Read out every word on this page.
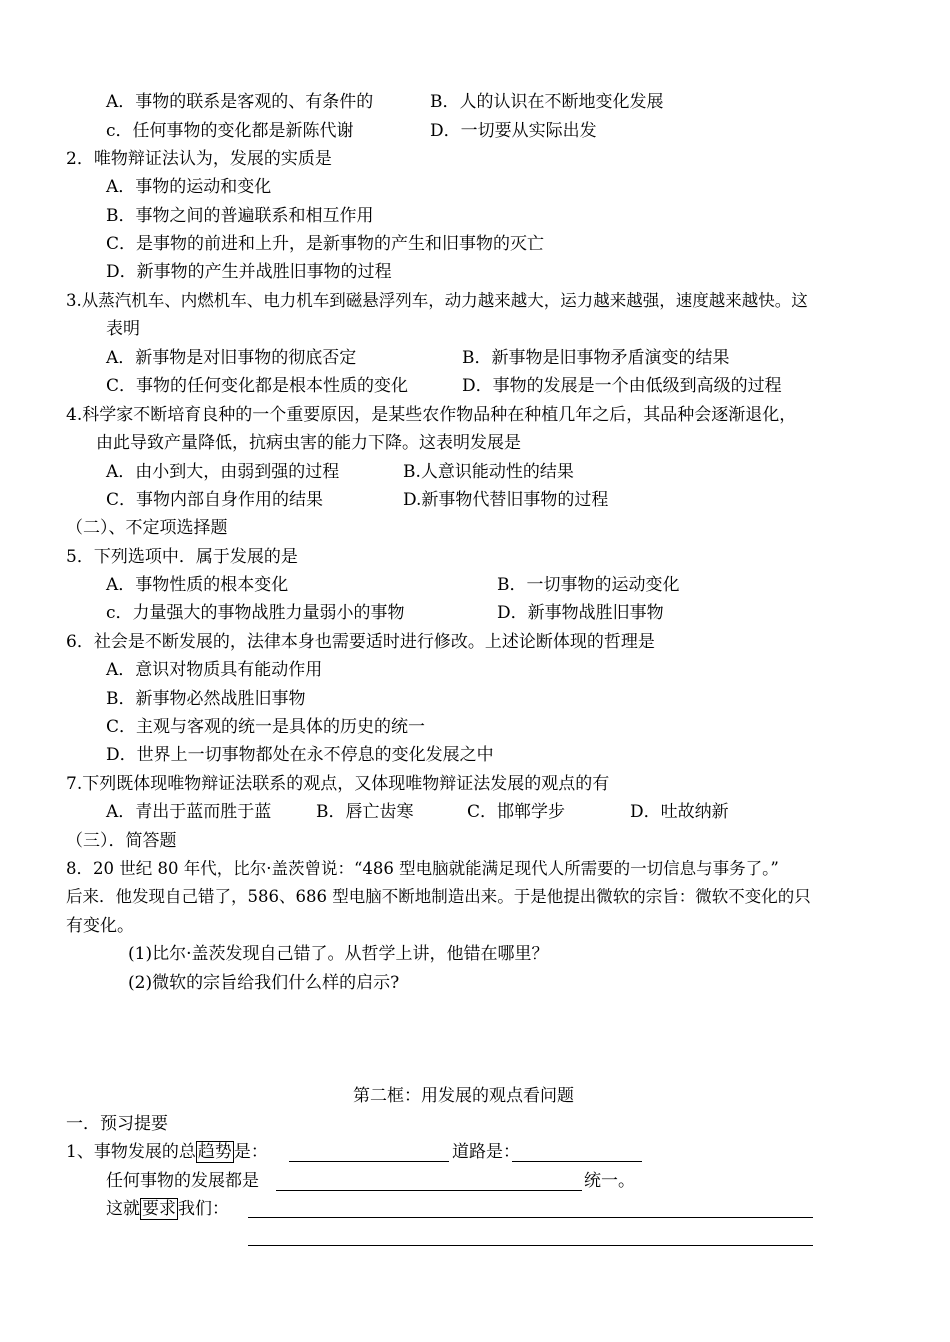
A．事物的联系是客观的、有条件的	B．人的认识在不断地变化发展
c．任何事物的变化都是新陈代谢	D．一切要从实际出发
2．唯物辩证法认为，发展的实质是
A．事物的运动和变化
B．事物之间的普遍联系和相互作用
C．是事物的前进和上升，是新事物的产生和旧事物的灭亡
D．新事物的产生并战胜旧事物的过程
3.从蒸汽机车、内燃机车、电力机车到磁悬浮列车，动力越来越大，运力越来越强，速度越来越快。这
表明
A．新事物是对旧事物的彻底否定	B．新事物是旧事物矛盾演变的结果
C．事物的任何变化都是根本性质的变化	D．事物的发展是一个由低级到高级的过程
4.科学家不断培育良种的一个重要原因，是某些农作物品种在种植几年之后，其品种会逐渐退化，
由此导致产量降低，抗病虫害的能力下降。这表明发展是
A．由小到大，由弱到强的过程	B.人意识能动性的结果
C．事物内部自身作用的结果	D.新事物代替旧事物的过程
（二）、不定项选择题
5．下列选项中．属于发展的是
A．事物性质的根本变化	B．一切事物的运动变化
c．力量强大的事物战胜力量弱小的事物	D．新事物战胜旧事物
6．社会是不断发展的，法律本身也需要适时进行修改。上述论断体现的哲理是
A．意识对物质具有能动作用
B．新事物必然战胜旧事物
C．主观与客观的统一是具体的历史的统一
D．世界上一切事物都处在永不停息的变化发展之中
7.下列既体现唯物辩证法联系的观点，又体现唯物辩证法发展的观点的有
A．青出于蓝而胜于蓝	B．唇亡齿寒	C．邯郸学步	D．吐故纳新
（三）．简答题
8．20 世纪 80 年代，比尔·盖茨曾说：“486 型电脑就能满足现代人所需要的一切信息与事务了。”
后来．他发现自己错了，586、686 型电脑不断地制造出来。于是他提出微软的宗旨：微软不变化的只
有变化。
(1)比尔·盖茨发现自己错了。从哲学上讲，他错在哪里？
(2)微软的宗旨给我们什么样的启示?
第二框：用发展的观点看问题
一．预习提要
1、事物发展的总 趋势 是：	道路是：
任何事物的发展都是	统一。
这就 要求 我们：
